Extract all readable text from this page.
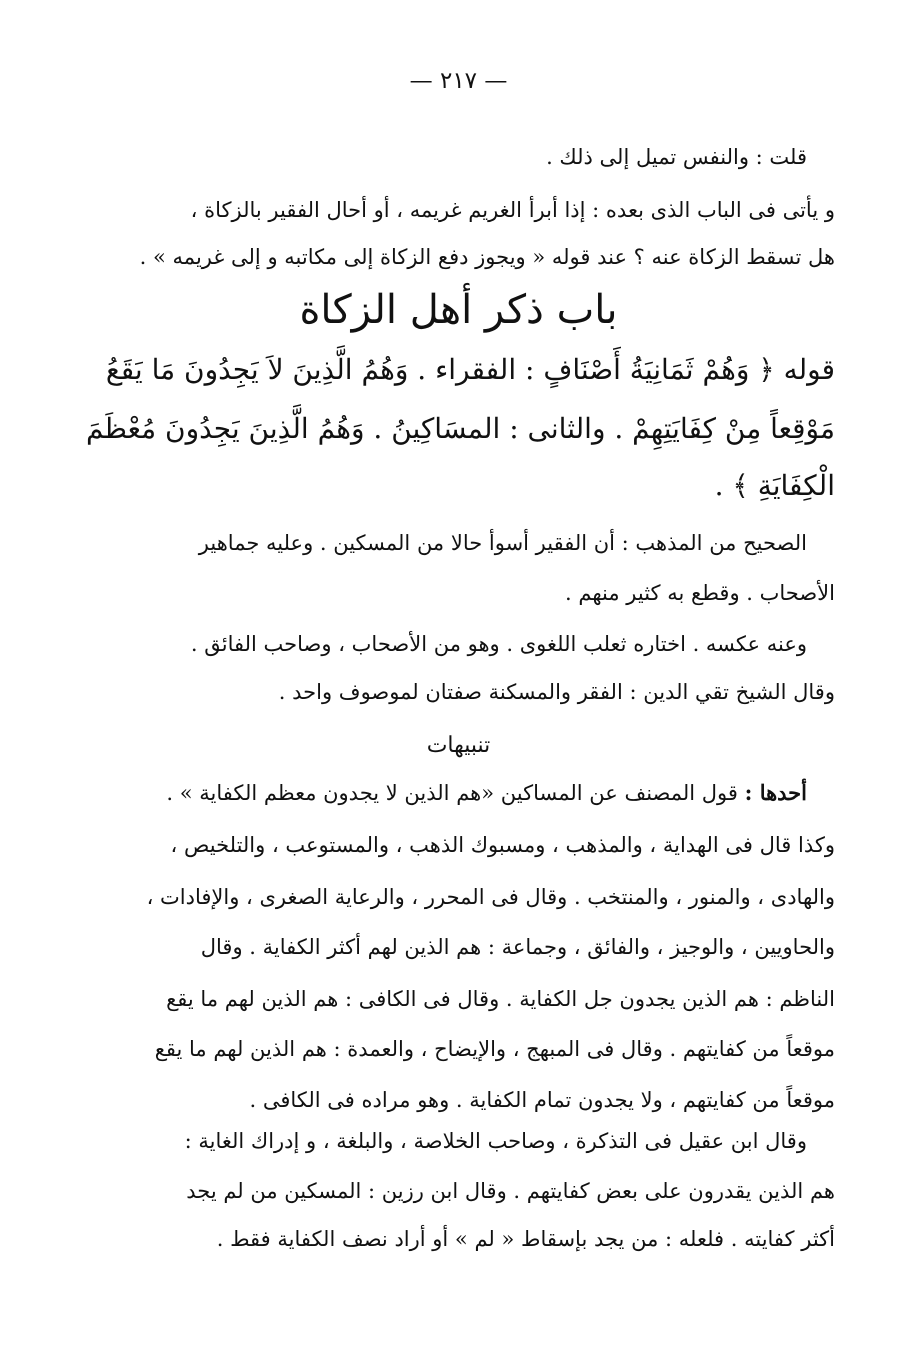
— ٢١٧ —
قلت : والنفس تميل إلى ذلك .
و يأتى فى الباب الذى بعده : إذا أبرأ الغريم غريمه ، أو أحال الفقير بالزكاة ،
هل تسقط الزكاة عنه ؟ عند قوله « ويجوز دفع الزكاة إلى مكاتبه و إلى غريمه » .
باب ذكر أهل الزكاة
قوله ﴿ وَهُمْ ثَمَانِيَةُ أَصْنَافٍ : الفقراء . وَهُمُ الَّذِينَ لاَ يَجِدُونَ مَا يَقَعُ
مَوْقِعاً مِنْ كِفَايَتِهِمْ . والثانى : المسَاكِينُ . وَهُمُ الَّذِينَ يَجِدُونَ مُعْظَمَ
الْكِفَايَةِ ﴾ .
الصحيح من المذهب : أن الفقير أسوأ حالا من المسكين . وعليه جماهير
الأصحاب . وقطع به كثير منهم .
وعنه عكسه . اختاره ثعلب اللغوى . وهو من الأصحاب ، وصاحب الفائق .
وقال الشيخ تقي الدين : الفقر والمسكنة صفتان لموصوف واحد .
تنبيهات
أحدها : قول المصنف عن المساكين «هم الذين لا يجدون معظم الكفاية » .
وكذا قال فى الهداية ، والمذهب ، ومسبوك الذهب ، والمستوعب ، والتلخيص ،
والهادى ، والمنور ، والمنتخب . وقال فى المحرر ، والرعاية الصغرى ، والإفادات ،
والحاويين ، والوجيز ، والفائق ، وجماعة : هم الذين لهم أكثر الكفاية . وقال
الناظم : هم الذين يجدون جل الكفاية . وقال فى الكافى : هم الذين لهم ما يقع
موقعاً من كفايتهم . وقال فى المبهج ، والإيضاح ، والعمدة : هم الذين لهم ما يقع
موقعاً من كفايتهم ، ولا يجدون تمام الكفاية . وهو مراده فى الكافى .
وقال ابن عقيل فى التذكرة ، وصاحب الخلاصة ، والبلغة ، و إدراك الغاية :
هم الذين يقدرون على بعض كفايتهم . وقال ابن رزين : المسكين من لم يجد
أكثر كفايته . فلعله : من يجد بإسقاط « لم » أو أراد نصف الكفاية فقط .
